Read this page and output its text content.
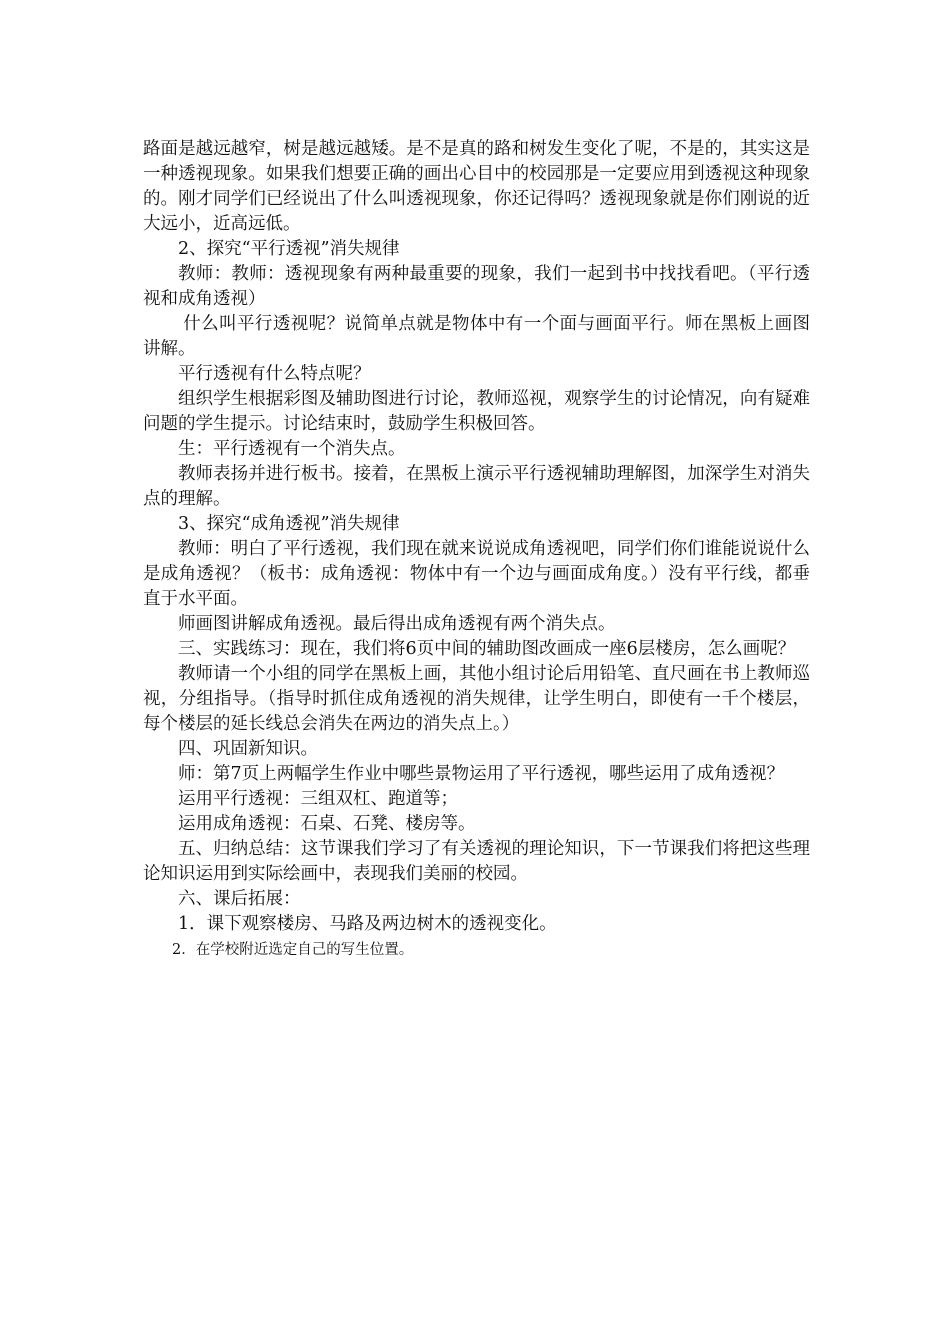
路面是越远越窄，树是越远越矮。是不是真的路和树发生变化了呢，不是的，其实这是一种透视现象。如果我们想要正确的画出心目中的校园那是一定要应用到透视这种现象的。刚才同学们已经说出了什么叫透视现象，你还记得吗？透视现象就是你们刚说的近大远小，近高远低。

2、探究“平行透视”消失规律

教师：教师：透视现象有两种最重要的现象，我们一起到书中找找看吧。（平行透视和成角透视）

什么叫平行透视呢？说简单点就是物体中有一个面与画面平行。师在黑板上画图讲解。

平行透视有什么特点呢？

组织学生根据彩图及辅助图进行讨论，教师巡视，观察学生的讨论情况，向有疑难问题的学生提示。讨论结束时，鼓励学生积极回答。

生：平行透视有一个消失点。

教师表扬并进行板书。接着，在黑板上演示平行透视辅助理解图，加深学生对消失点的理解。

3、探究“成角透视”消失规律

教师：明白了平行透视，我们现在就来说说成角透视吧，同学们你们谁能说说什么是成角透视？（板书：成角透视：物体中有一个边与画面成角度。）没有平行线，都垂直于水平面。

师画图讲解成角透视。最后得出成角透视有两个消失点。

三、实践练习：现在，我们将6页中间的辅助图改画成一座6层楼房，怎么画呢？

教师请一个小组的同学在黑板上画，其他小组讨论后用铅笔、直尺画在书上教师巡视，分组指导。（指导时抓住成角透视的消失规律，让学生明白，即使有一千个楼层，每个楼层的延长线总会消失在两边的消失点上。）

四、巩固新知识。

师：第7页上两幅学生作业中哪些景物运用了平行透视，哪些运用了成角透视？

运用平行透视：三组双杠、跑道等；

运用成角透视：石桌、石凳、楼房等。

五、归纳总结：这节课我们学习了有关透视的理论知识，下一节课我们将把这些理论知识运用到实际绘画中，表现我们美丽的校园。

六、课后拓展：

1．课下观察楼房、马路及两边树木的透视变化。

2．在学校附近选定自己的写生位置。
